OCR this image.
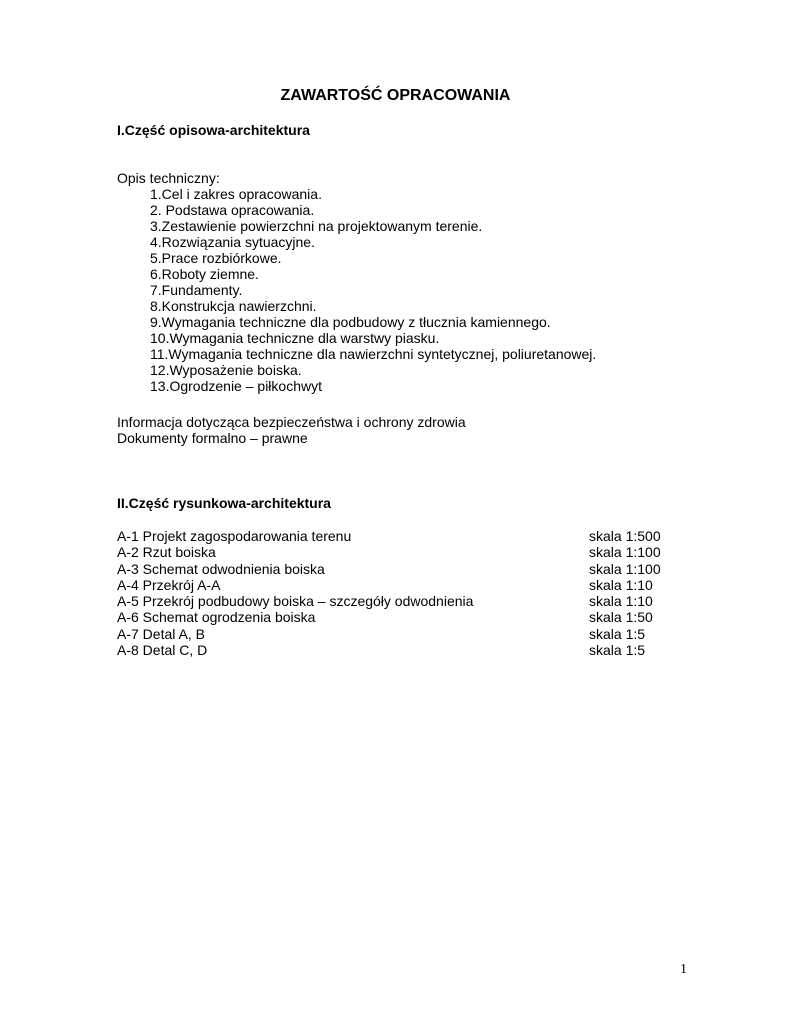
ZAWARTOŚĆ OPRACOWANIA
I.Część opisowa-architektura
Opis techniczny:
1.Cel i zakres opracowania.
2. Podstawa opracowania.
3.Zestawienie powierzchni na projektowanym terenie.
4.Rozwiązania sytuacyjne.
5.Prace rozbiórkowe.
6.Roboty ziemne.
7.Fundamenty.
8.Konstrukcja nawierzchni.
9.Wymagania techniczne dla podbudowy z tłucznia kamiennego.
10.Wymagania techniczne dla warstwy piasku.
11.Wymagania techniczne dla nawierzchni syntetycznej, poliuretanowej.
12.Wyposażenie boiska.
13.Ogrodzenie – piłkochwyt
Informacja dotycząca bezpieczeństwa i ochrony zdrowia
Dokumenty formalno – prawne
II.Część rysunkowa-architektura
A-1 Projekt zagospodarowania terenu	skala 1:500
A-2 Rzut boiska	skala 1:100
A-3 Schemat odwodnienia boiska	skala 1:100
A-4 Przekrój A-A	skala 1:10
A-5 Przekrój podbudowy boiska – szczegóły odwodnienia	skala 1:10
A-6 Schemat ogrodzenia boiska	skala 1:50
A-7 Detal A, B	skala 1:5
A-8 Detal C, D	skala 1:5
1
